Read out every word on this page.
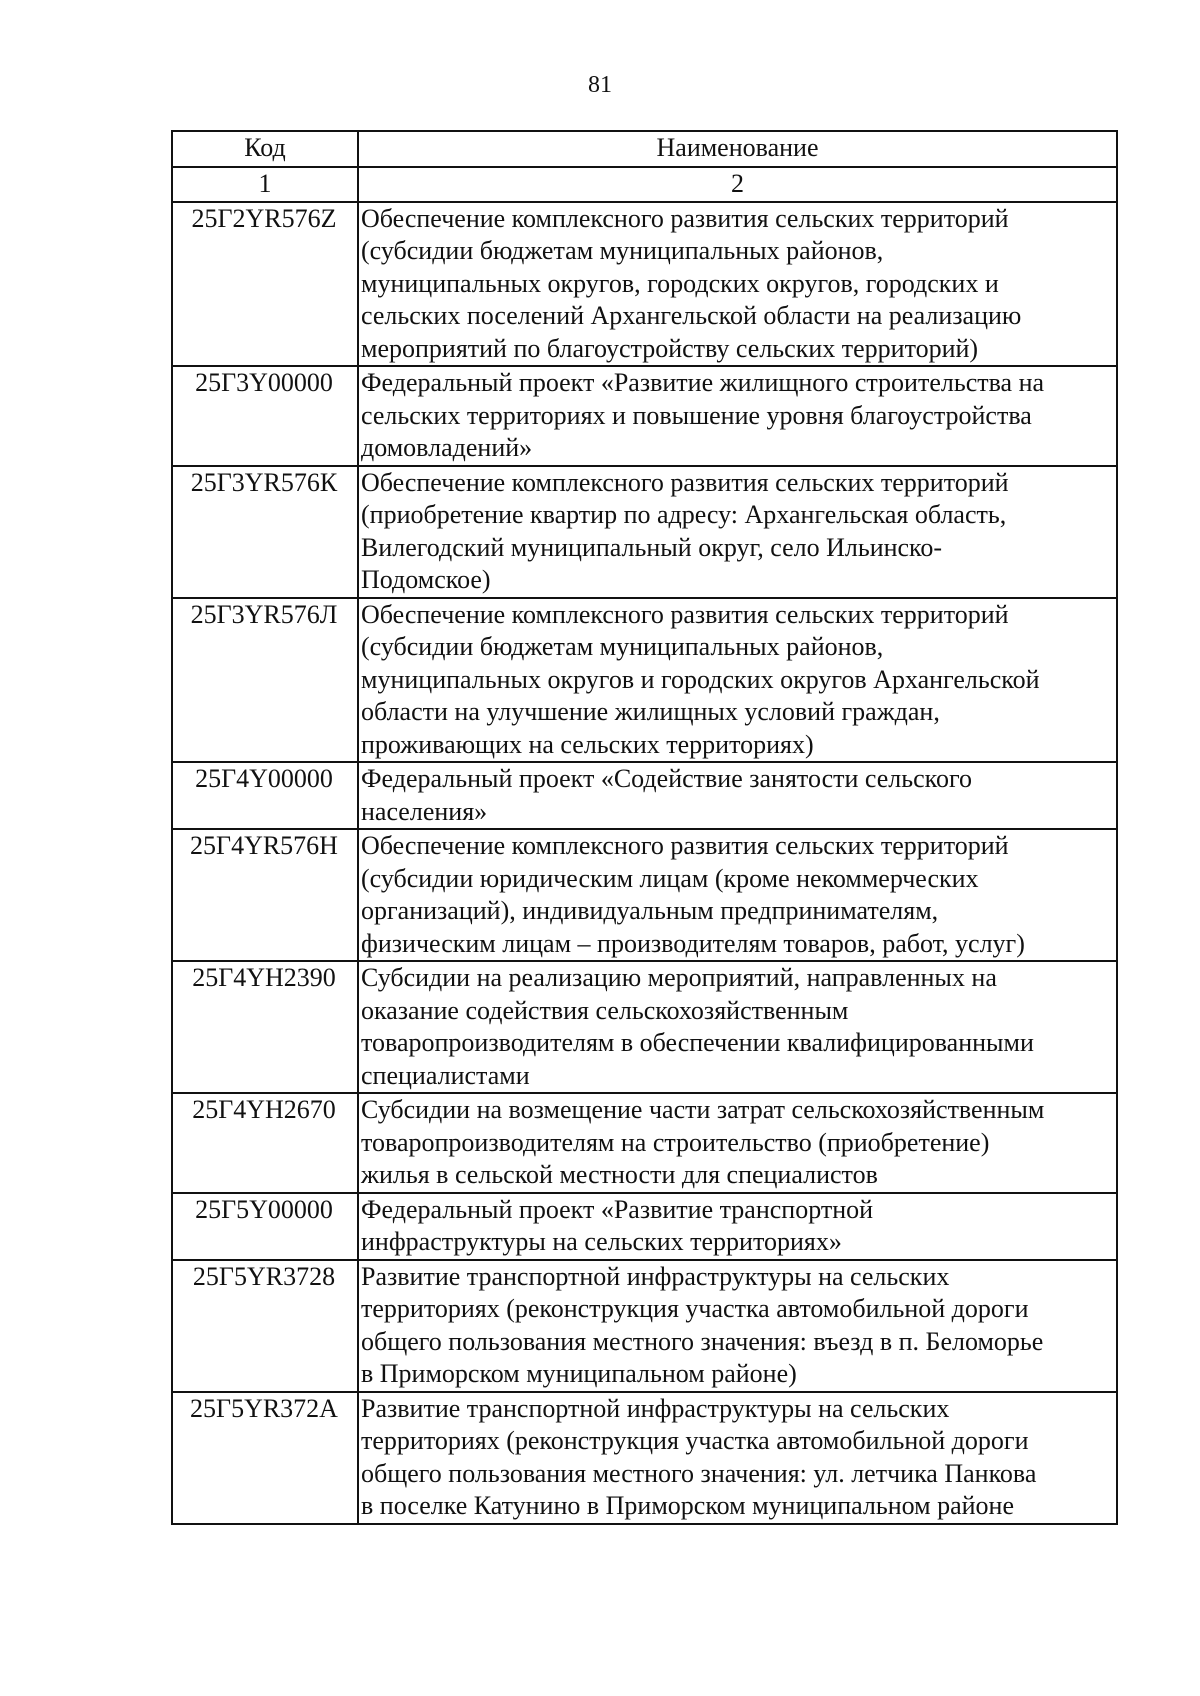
81
Код	Наименование
1	2
25Г2YR576Z	Обеспечение комплексного развития сельских территорий
(субсидии бюджетам муниципальных районов,
муниципальных округов, городских округов, городских и
сельских поселений Архангельской области на реализацию
мероприятий по благоустройству сельских территорий)

25Г3Y00000	Федеральный проект «Развитие жилищного строительства на
сельских территориях и повышение уровня благоустройства
домовладений»

25Г3YR576К	Обеспечение комплексного развития сельских территорий
(приобретение квартир по адресу: Архангельская область,
Вилегодский муниципальный округ, село Ильинско-
Подомское)

25Г3YR576Л	Обеспечение комплексного развития сельских территорий
(субсидии бюджетам муниципальных районов,
муниципальных округов и городских округов Архангельской
области на улучшение жилищных условий граждан,
проживающих на сельских территориях)

25Г4Y00000	Федеральный проект «Содействие занятости сельского
населения»

25Г4YR576Н	Обеспечение комплексного развития сельских территорий
(субсидии юридическим лицам (кроме некоммерческих
организаций), индивидуальным предпринимателям,
физическим лицам – производителям товаров, работ, услуг)

25Г4YН2390	Субсидии на реализацию мероприятий, направленных на
оказание содействия сельскохозяйственным
товаропроизводителям в обеспечении квалифицированными
специалистами

25Г4YН2670	Субсидии на возмещение части затрат сельскохозяйственным
товаропроизводителям на строительство (приобретение)
жилья в сельской местности для специалистов

25Г5Y00000	Федеральный проект «Развитие транспортной
инфраструктуры на сельских территориях»

25Г5YR3728	Развитие транспортной инфраструктуры на сельских
территориях (реконструкция участка автомобильной дороги
общего пользования местного значения: въезд в п. Беломорье
в Приморском муниципальном районе)

25Г5YR372А	Развитие транспортной инфраструктуры на сельских
территориях (реконструкция участка автомобильной дороги
общего пользования местного значения: ул. летчика Панкова
в поселке Катунино в Приморском муниципальном районе
